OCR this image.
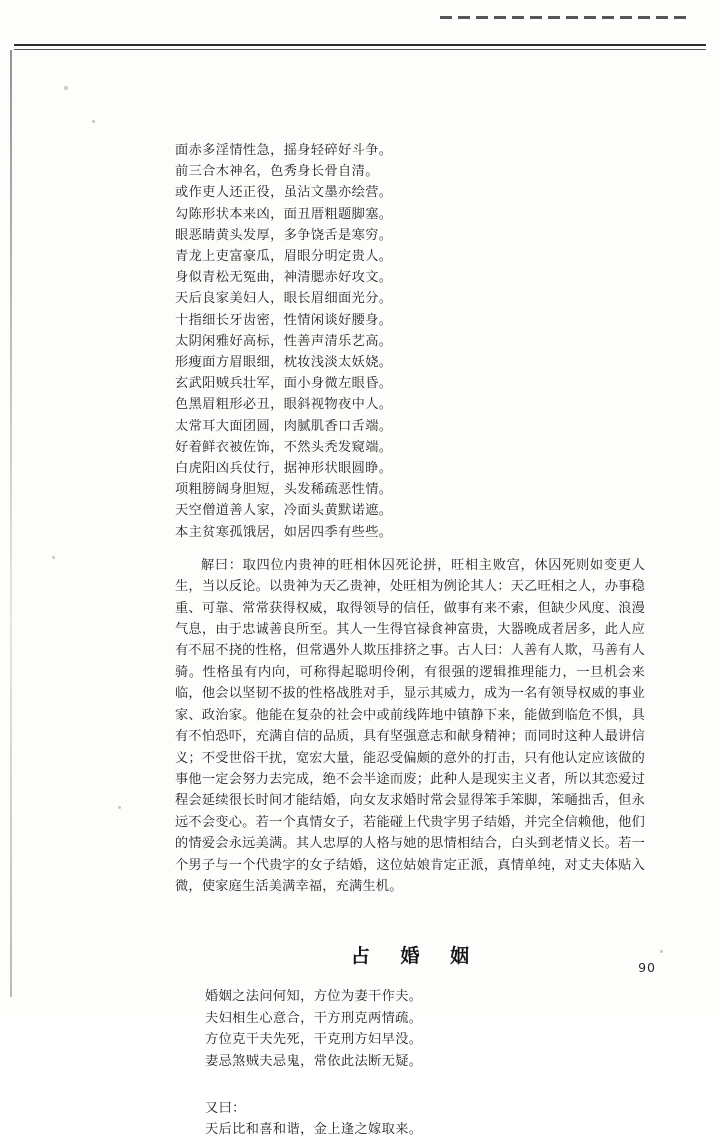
面赤多淫情性急，摇身轻碎好斗争。
前三合木神名，色秀身长骨自清。
或作吏人还正役，虽沾文墨亦绘营。
勾陈形状本来凶，面丑厝粗题脚塞。
眼恶睛黄头发厚，多争饶舌是寒穷。
青龙上吏富豪瓜，眉眼分明定贵人。
身似青松无冤曲，神清腮赤好攻文。
天后良家美妇人，眼长眉细面光分。
十指细长牙齿密，性情闲谈好腰身。
太阴闲雅好高标，性善声清乐艺高。
形瘦面方眉眼细，枕妆浅淡太妖娆。
玄武阳贼兵壮军，面小身微左眼昏。
色黑眉粗形必丑，眼斜视物夜中人。
太常耳大面团圆，肉腻肌香口舌端。
好着鲜衣被佐饰，不然头秃发窥端。
白虎阳凶兵仗行，据神形状眼圆睁。
项粗膀阔身胆短，头发稀疏恶性情。
天空僧道善人家，冷面头黄默诺遮。
本主贫寒孤饿居，如居四季有些些。

解曰：取四位内贵神的旺相休囚死论拼，旺相主败宫，休囚死则如变更人生，当以反论。以贵神为天乙贵神，处旺相为例论其人：天乙旺相之人，办事稳重、可靠、常常获得权威，取得领导的信任，做事有来不索，但缺少风度、浪漫气息，由于忠诚善良所至。其人一生得官禄食神富贵，大器晚成者居多，此人应有不屈不挠的性格，但常遇外人欺压排挤之事。古人曰：人善有人欺，马善有人骑。性格虽有内向，可称得起聪明伶俐，有很强的逻辑推理能力，一旦机会来临，他会以坚韧不拔的性格战胜对手，显示其威力，成为一名有领导权威的事业家、政治家。他能在复杂的社会中或前线阵地中镇静下来，能做到临危不惧，具有不怕恐吓，充满自信的品质，具有坚强意志和献身精神；而同时这种人最讲信义；不受世俗干扰，宽宏大量，能忍受偏颇的意外的打击，只有他认定应该做的事他一定会努力去完成，绝不会半途而废；此种人是现实主义者，所以其恋爱过程会延续很长时间才能结婚，向女友求婚时常会显得笨手笨脚，笨嗵拙舌，但永远不会变心。若一个真情女子，若能碰上代贵字男子结婚，并完全信赖他，他们的情爱会永远美满。其人忠厚的人格与她的思情相结合，白头到老情义长。若一个男子与一个代贵字的女子结婚，这位姑娘肯定正派，真情单纯，对丈夫体贴入微，使家庭生活美满幸福，充满生机。

占 婚 姻
婚姻之法问何知，方位为妻干作夫。
夫妇相生心意合，干方刑克两情疏。
方位克干夫先死，干克刑方妇早没。
妻忌煞贼夫忌鬼，常依此法断无疑。
又曰：
天后比和喜和谐，金上逢之嫁取来。
90
